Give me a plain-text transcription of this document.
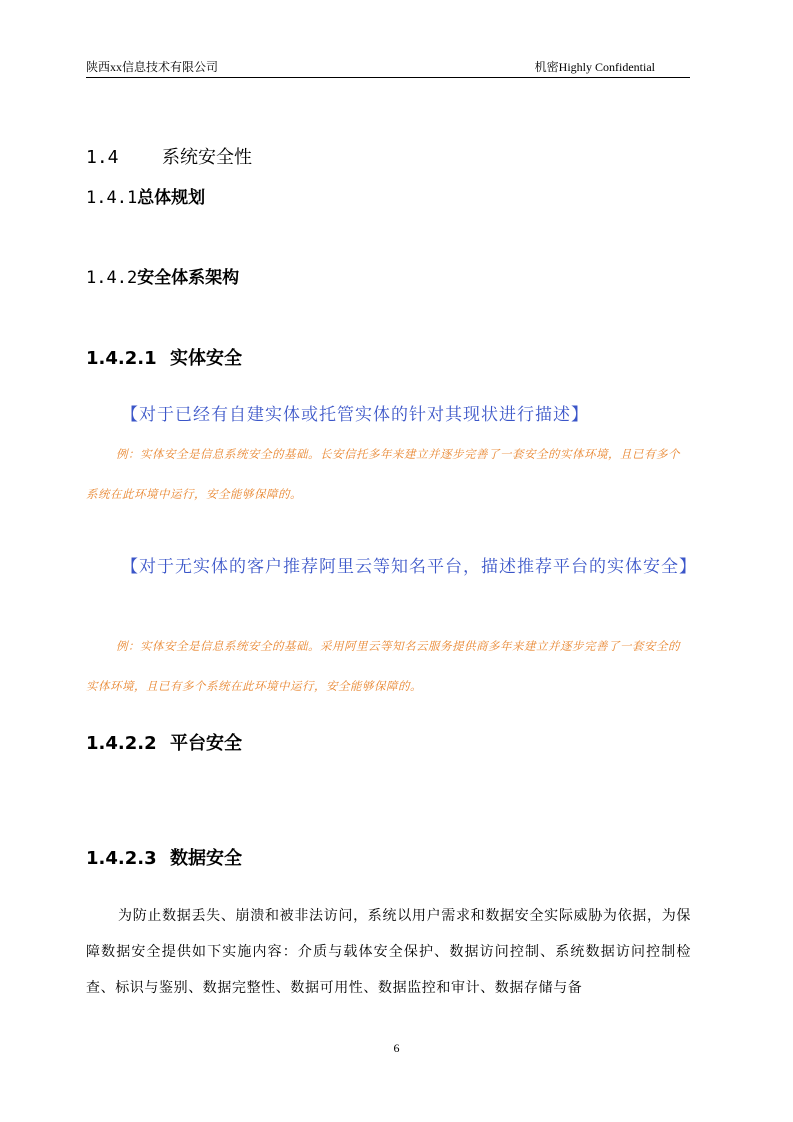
陕西xx信息技术有限公司	机密Highly Confidential
1.4 系统安全性
1.4.1总体规划
1.4.2安全体系架构
1.4.2.1 实体安全
【对于已经有自建实体或托管实体的针对其现状进行描述】
例：实体安全是信息系统安全的基础。长安信托多年来建立并逐步完善了一套安全的实体环境，且已有多个系统在此环境中运行，安全能够保障的。
【对于无实体的客户推荐阿里云等知名平台，描述推荐平台的实体安全】
例：实体安全是信息系统安全的基础。采用阿里云等知名云服务提供商多年来建立并逐步完善了一套安全的实体环境，且已有多个系统在此环境中运行，安全能够保障的。
1.4.2.2 平台安全
1.4.2.3 数据安全
为防止数据丢失、崩溃和被非法访问，系统以用户需求和数据安全实际威胁为依据，为保障数据安全提供如下实施内容：介质与载体安全保护、数据访问控制、系统数据访问控制检查、标识与鉴别、数据完整性、数据可用性、数据监控和审计、数据存储与备
6
